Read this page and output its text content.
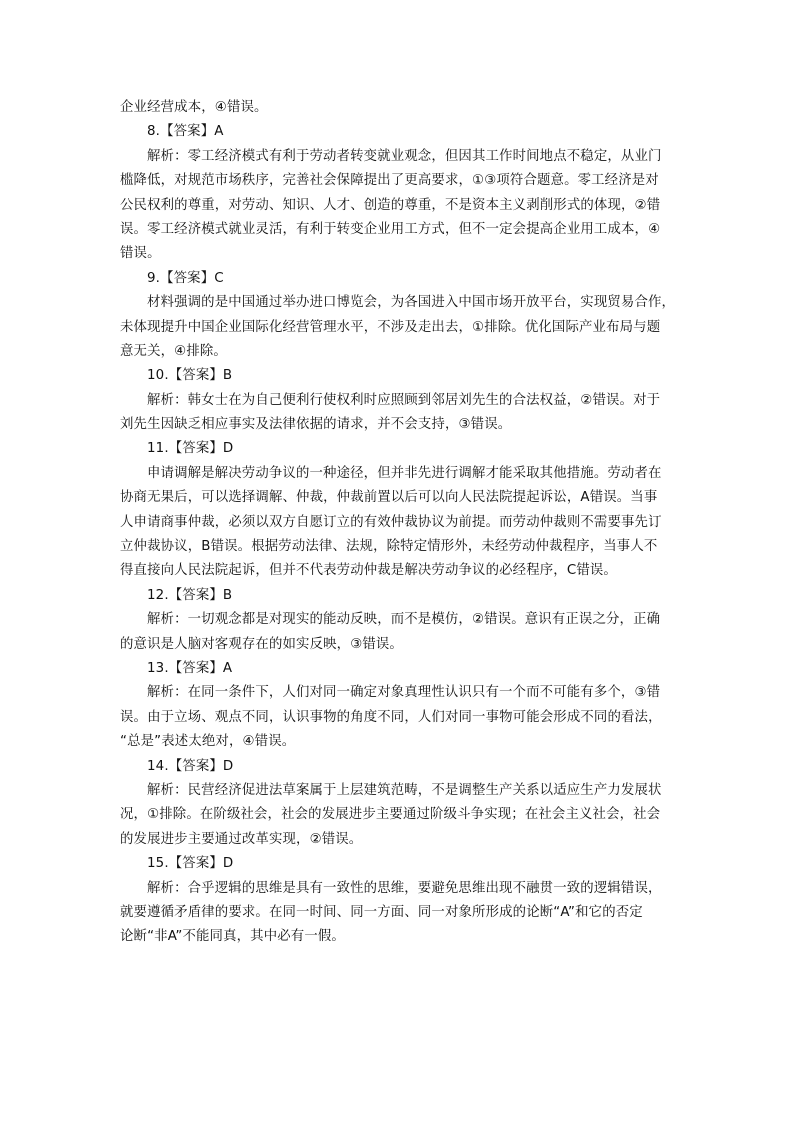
企业经营成本，④错误。
8.【答案】A
解析：零工经济模式有利于劳动者转变就业观念，但因其工作时间地点不稳定，从业门
槛降低，对规范市场秩序，完善社会保障提出了更高要求，①③项符合题意。零工经济是对
公民权利的尊重，对劳动、知识、人才、创造的尊重，不是资本主义剥削形式的体现，②错
误。零工经济模式就业灵活，有利于转变企业用工方式，但不一定会提高企业用工成本，④
错误。
9.【答案】C
材料强调的是中国通过举办进口博览会，为各国进入中国市场开放平台，实现贸易合作，
未体现提升中国企业国际化经营管理水平，不涉及走出去，①排除。优化国际产业布局与题
意无关，④排除。
10.【答案】B
解析：韩女士在为自己便利行使权利时应照顾到邻居刘先生的合法权益，②错误。对于
刘先生因缺乏相应事实及法律依据的请求，并不会支持，③错误。
11.【答案】D
申请调解是解决劳动争议的一种途径，但并非先进行调解才能采取其他措施。劳动者在
协商无果后，可以选择调解、仲裁，仲裁前置以后可以向人民法院提起诉讼，A错误。当事
人申请商事仲裁，必须以双方自愿订立的有效仲裁协议为前提。而劳动仲裁则不需要事先订
立仲裁协议，B错误。根据劳动法律、法规，除特定情形外，未经劳动仲裁程序，当事人不
得直接向人民法院起诉，但并不代表劳动仲裁是解决劳动争议的必经程序，C错误。
12.【答案】B
解析：一切观念都是对现实的能动反映，而不是模仿，②错误。意识有正误之分，正确
的意识是人脑对客观存在的如实反映，③错误。
13.【答案】A
解析：在同一条件下，人们对同一确定对象真理性认识只有一个而不可能有多个，③错
误。由于立场、观点不同，认识事物的角度不同，人们对同一事物可能会形成不同的看法，
“总是”表述太绝对，④错误。
14.【答案】D
解析：民营经济促进法草案属于上层建筑范畴，不是调整生产关系以适应生产力发展状
况，①排除。在阶级社会，社会的发展进步主要通过阶级斗争实现；在社会主义社会，社会
的发展进步主要通过改革实现，②错误。
15.【答案】D
解析：合乎逻辑的思维是具有一致性的思维，要避免思维出现不融贯一致的逻辑错误，
就要遵循矛盾律的要求。在同一时间、同一方面、同一对象所形成的论断“A”和它的否定
论断“非A”不能同真，其中必有一假。
